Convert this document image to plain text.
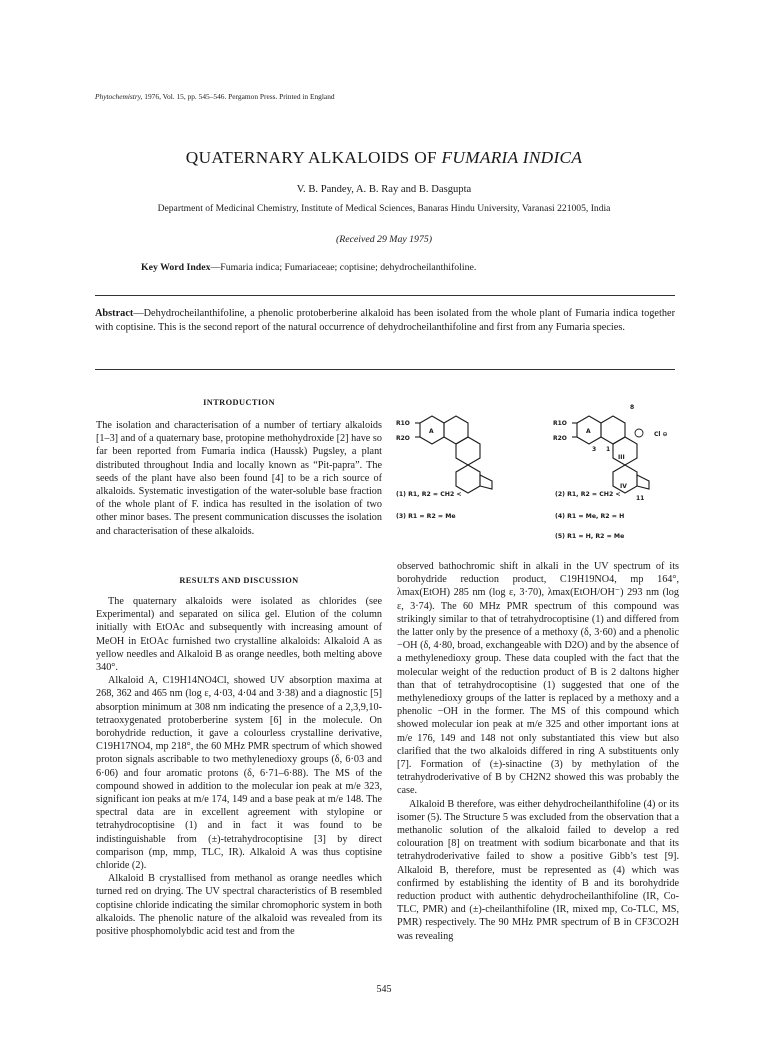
Phytochemistry, 1976, Vol. 15, pp. 545–546. Pergamon Press. Printed in England
QUATERNARY ALKALOIDS OF FUMARIA INDICA
V. B. Pandey, A. B. Ray and B. Dasgupta
Department of Medicinal Chemistry, Institute of Medical Sciences, Banaras Hindu University, Varanasi 221005, India
(Received 29 May 1975)
Key Word Index—Fumaria indica; Fumariaceae; coptisine; dehydrocheilanthifoline.
Abstract—Dehydrocheilanthifoline, a phenolic protoberberine alkaloid has been isolated from the whole plant of Fumaria indica together with coptisine. This is the second report of the natural occurrence of dehydrocheilanthifoline and first from any Fumaria species.
INTRODUCTION

The isolation and characterisation of a number of tertiary alkaloids [1–3] and of a quaternary base, protopine methohydroxide [2] have so far been reported from Fumaria indica (Haussk) Pugsley, a plant distributed throughout India and locally known as “Pit-papra”. The seeds of the plant have also been found [4] to be a rich source of alkaloids. Systematic investigation of the water-soluble base fraction of the whole plant of F. indica has resulted in the isolation of two other minor bases. The present communication discusses the isolation and characterisation of these alkaloids.

RESULTS AND DISCUSSION

The quaternary alkaloids were isolated as chlorides (see Experimental) and separated on silica gel. Elution of the column initially with EtOAc and subsequently with increasing amount of MeOH in EtOAc furnished two crystalline alkaloids: Alkaloid A as yellow needles and Alkaloid B as orange needles, both melting above 340°.

Alkaloid A, C19H14NO4Cl, showed UV absorption maxima at 268, 362 and 465 nm (log ε, 4·03, 4·04 and 3·38) and a diagnostic [5] absorption minimum at 308 nm indicating the presence of a 2,3,9,10-tetraoxygenated protoberberine system [6] in the molecule. On borohydride reduction, it gave a colourless crystalline derivative, C19H17NO4, mp 218°, the 60 MHz PMR spectrum of which showed proton signals ascribable to two methylenedioxy groups (δ, 6·03 and 6·06) and four aromatic protons (δ, 6·71–6·88). The MS of the compound showed in addition to the molecular ion peak at m/e 323, significant ion peaks at m/e 174, 149 and a base peak at m/e 148. The spectral data are in excellent agreement with stylopine or tetrahydrocoptisine (1) and in fact it was found to be indistinguishable from (±)-tetrahydrocoptisine [3] by direct comparison (mp, mmp, TLC, IR). Alkaloid A was thus coptisine chloride (2).

Alkaloid B crystallised from methanol as orange needles which turned red on drying. The UV spectral characteristics of B resembled coptisine chloride indicating the similar chromophoric system in both alkaloids. The phenolic nature of the alkaloid was revealed from its positive phosphomolybdic acid test and from the

R1O
R2O
A
R1O
R2O
A
8
1
3
III
IV
11
Cl ⊖
(1) R1, R2 = CH2 <
(3) R1 = R2 = Me
(2) R1, R2 = CH2 <
(4) R1 = Me, R2 = H
(5) R1 = H, R2 = Me

observed bathochromic shift in alkali in the UV spectrum of its borohydride reduction product, C19H19NO4, mp 164°, λmax(EtOH) 285 nm (log ε, 3·70), λmax(EtOH/OH⁻) 293 nm (log ε, 3·74). The 60 MHz PMR spectrum of this compound was strikingly similar to that of tetrahydrocoptisine (1) and differed from the latter only by the presence of a methoxy (δ, 3·60) and a phenolic −OH (δ, 4·80, broad, exchangeable with D2O) and by the absence of a methylenedioxy group. These data coupled with the fact that the molecular weight of the reduction product of B is 2 daltons higher than that of tetrahydrocoptisine (1) suggested that one of the methylenedioxy groups of the latter is replaced by a methoxy and a phenolic −OH in the former. The MS of this compound which showed molecular ion peak at m/e 325 and other important ions at m/e 176, 149 and 148 not only substantiated this view but also clarified that the two alkaloids differed in ring A substituents only [7]. Formation of (±)-sinactine (3) by methylation of the tetrahydroderivative of B by CH2N2 showed this was probably the case.

Alkaloid B therefore, was either dehydrocheilanthifoline (4) or its isomer (5). The Structure 5 was excluded from the observation that a methanolic solution of the alkaloid failed to develop a red colouration [8] on treatment with sodium bicarbonate and that its tetrahydroderivative failed to show a positive Gibb’s test [9]. Alkaloid B, therefore, must be represented as (4) which was confirmed by establishing the identity of B and its borohydride reduction product with authentic dehydrocheilanthifoline (IR, Co-TLC, PMR) and (±)-cheilanthifoline (IR, mixed mp, Co-TLC, MS, PMR) respectively. The 90 MHz PMR spectrum of B in CF3CO2H was revealing

545
